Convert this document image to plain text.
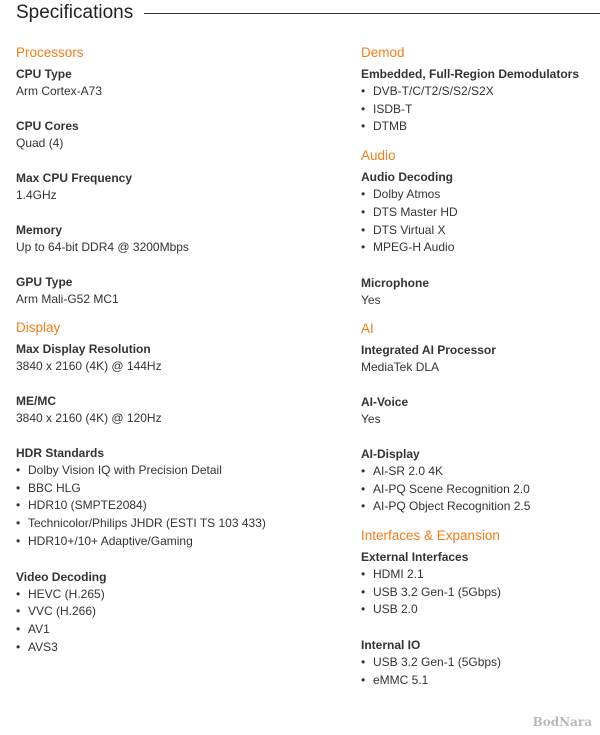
Specifications
Processors
CPU Type
Arm Cortex-A73
CPU Cores
Quad (4)
Max CPU Frequency
1.4GHz
Memory
Up to 64-bit DDR4 @ 3200Mbps
GPU Type
Arm Mali-G52 MC1
Display
Max Display Resolution
3840 x 2160 (4K) @ 144Hz
ME/MC
3840 x 2160 (4K) @ 120Hz
HDR Standards
• Dolby Vision IQ with Precision Detail
• BBC HLG
• HDR10 (SMPTE2084)
• Technicolor/Philips JHDR (ESTI TS 103 433)
• HDR10+/10+ Adaptive/Gaming
Video Decoding
• HEVC (H.265)
• VVC (H.266)
• AV1
• AVS3
Demod
Embedded, Full-Region Demodulators
• DVB-T/C/T2/S/S2/S2X
• ISDB-T
• DTMB
Audio
Audio Decoding
• Dolby Atmos
• DTS Master HD
• DTS Virtual X
• MPEG-H Audio
Microphone
Yes
AI
Integrated AI Processor
MediaTek DLA
AI-Voice
Yes
AI-Display
• AI-SR 2.0 4K
• AI-PQ Scene Recognition 2.0
• AI-PQ Object Recognition 2.5
Interfaces & Expansion
External Interfaces
• HDMI 2.1
• USB 3.2 Gen-1 (5Gbps)
• USB 2.0
Internal IO
• USB 3.2 Gen-1 (5Gbps)
• eMMC 5.1
BodNara
